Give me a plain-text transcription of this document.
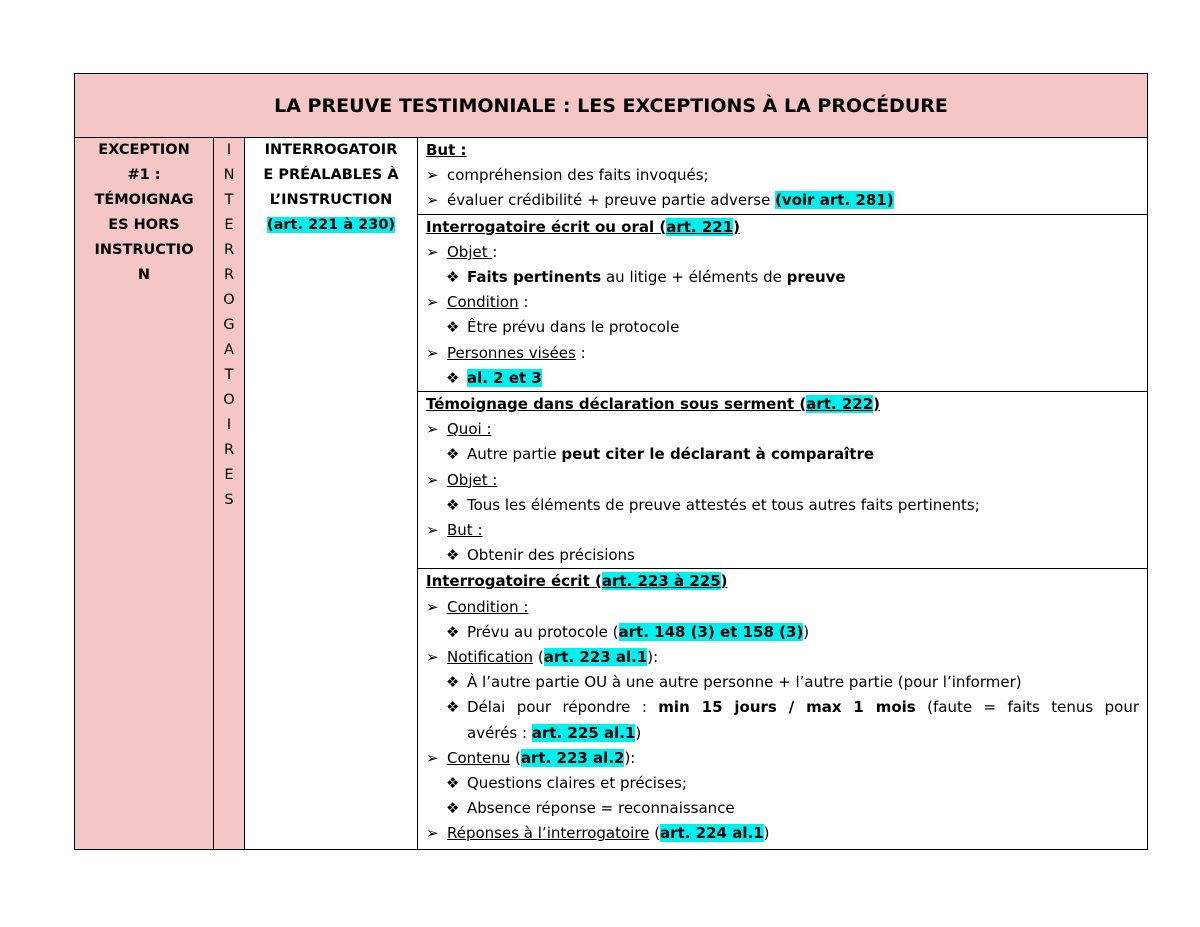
LA PREUVE TESTIMONIALE : LES EXCEPTIONS À LA PROCÉDURE

EXCEPTION
#1 :
TÉMOIGNAG
ES HORS
INSTRUCTIO
N

I
N
T
E
R
R
O
G
A
T
O
I
R
E
S

INTERROGATOIR
E PRÉALABLES À
L’INSTRUCTION
(art. 221 à 230)

But :
➢ compréhension des faits invoqués;
➢ évaluer crédibilité + preuve partie adverse (voir art. 281)

Interrogatoire écrit ou oral (art. 221)
➢ Objet :
❖ Faits pertinents au litige + éléments de preuve
➢ Condition :
❖ Être prévu dans le protocole
➢ Personnes visées :
❖ al. 2 et 3

Témoignage dans déclaration sous serment (art. 222)
➢ Quoi :
❖ Autre partie peut citer le déclarant à comparaître
➢ Objet :
❖ Tous les éléments de preuve attestés et tous autres faits pertinents;
➢ But :
❖ Obtenir des précisions

Interrogatoire écrit (art. 223 à 225)
➢ Condition :
❖ Prévu au protocole (art. 148 (3) et 158 (3))
➢ Notification (art. 223 al.1):
❖ À l’autre partie OU à une autre personne + l’autre partie (pour l’informer)
❖ Délai pour répondre : min 15 jours / max 1 mois (faute = faits tenus pour
avérés : art. 225 al.1)
➢ Contenu (art. 223 al.2):
❖ Questions claires et précises;
❖ Absence réponse = reconnaissance
➢ Réponses à l’interrogatoire (art. 224 al.1)
